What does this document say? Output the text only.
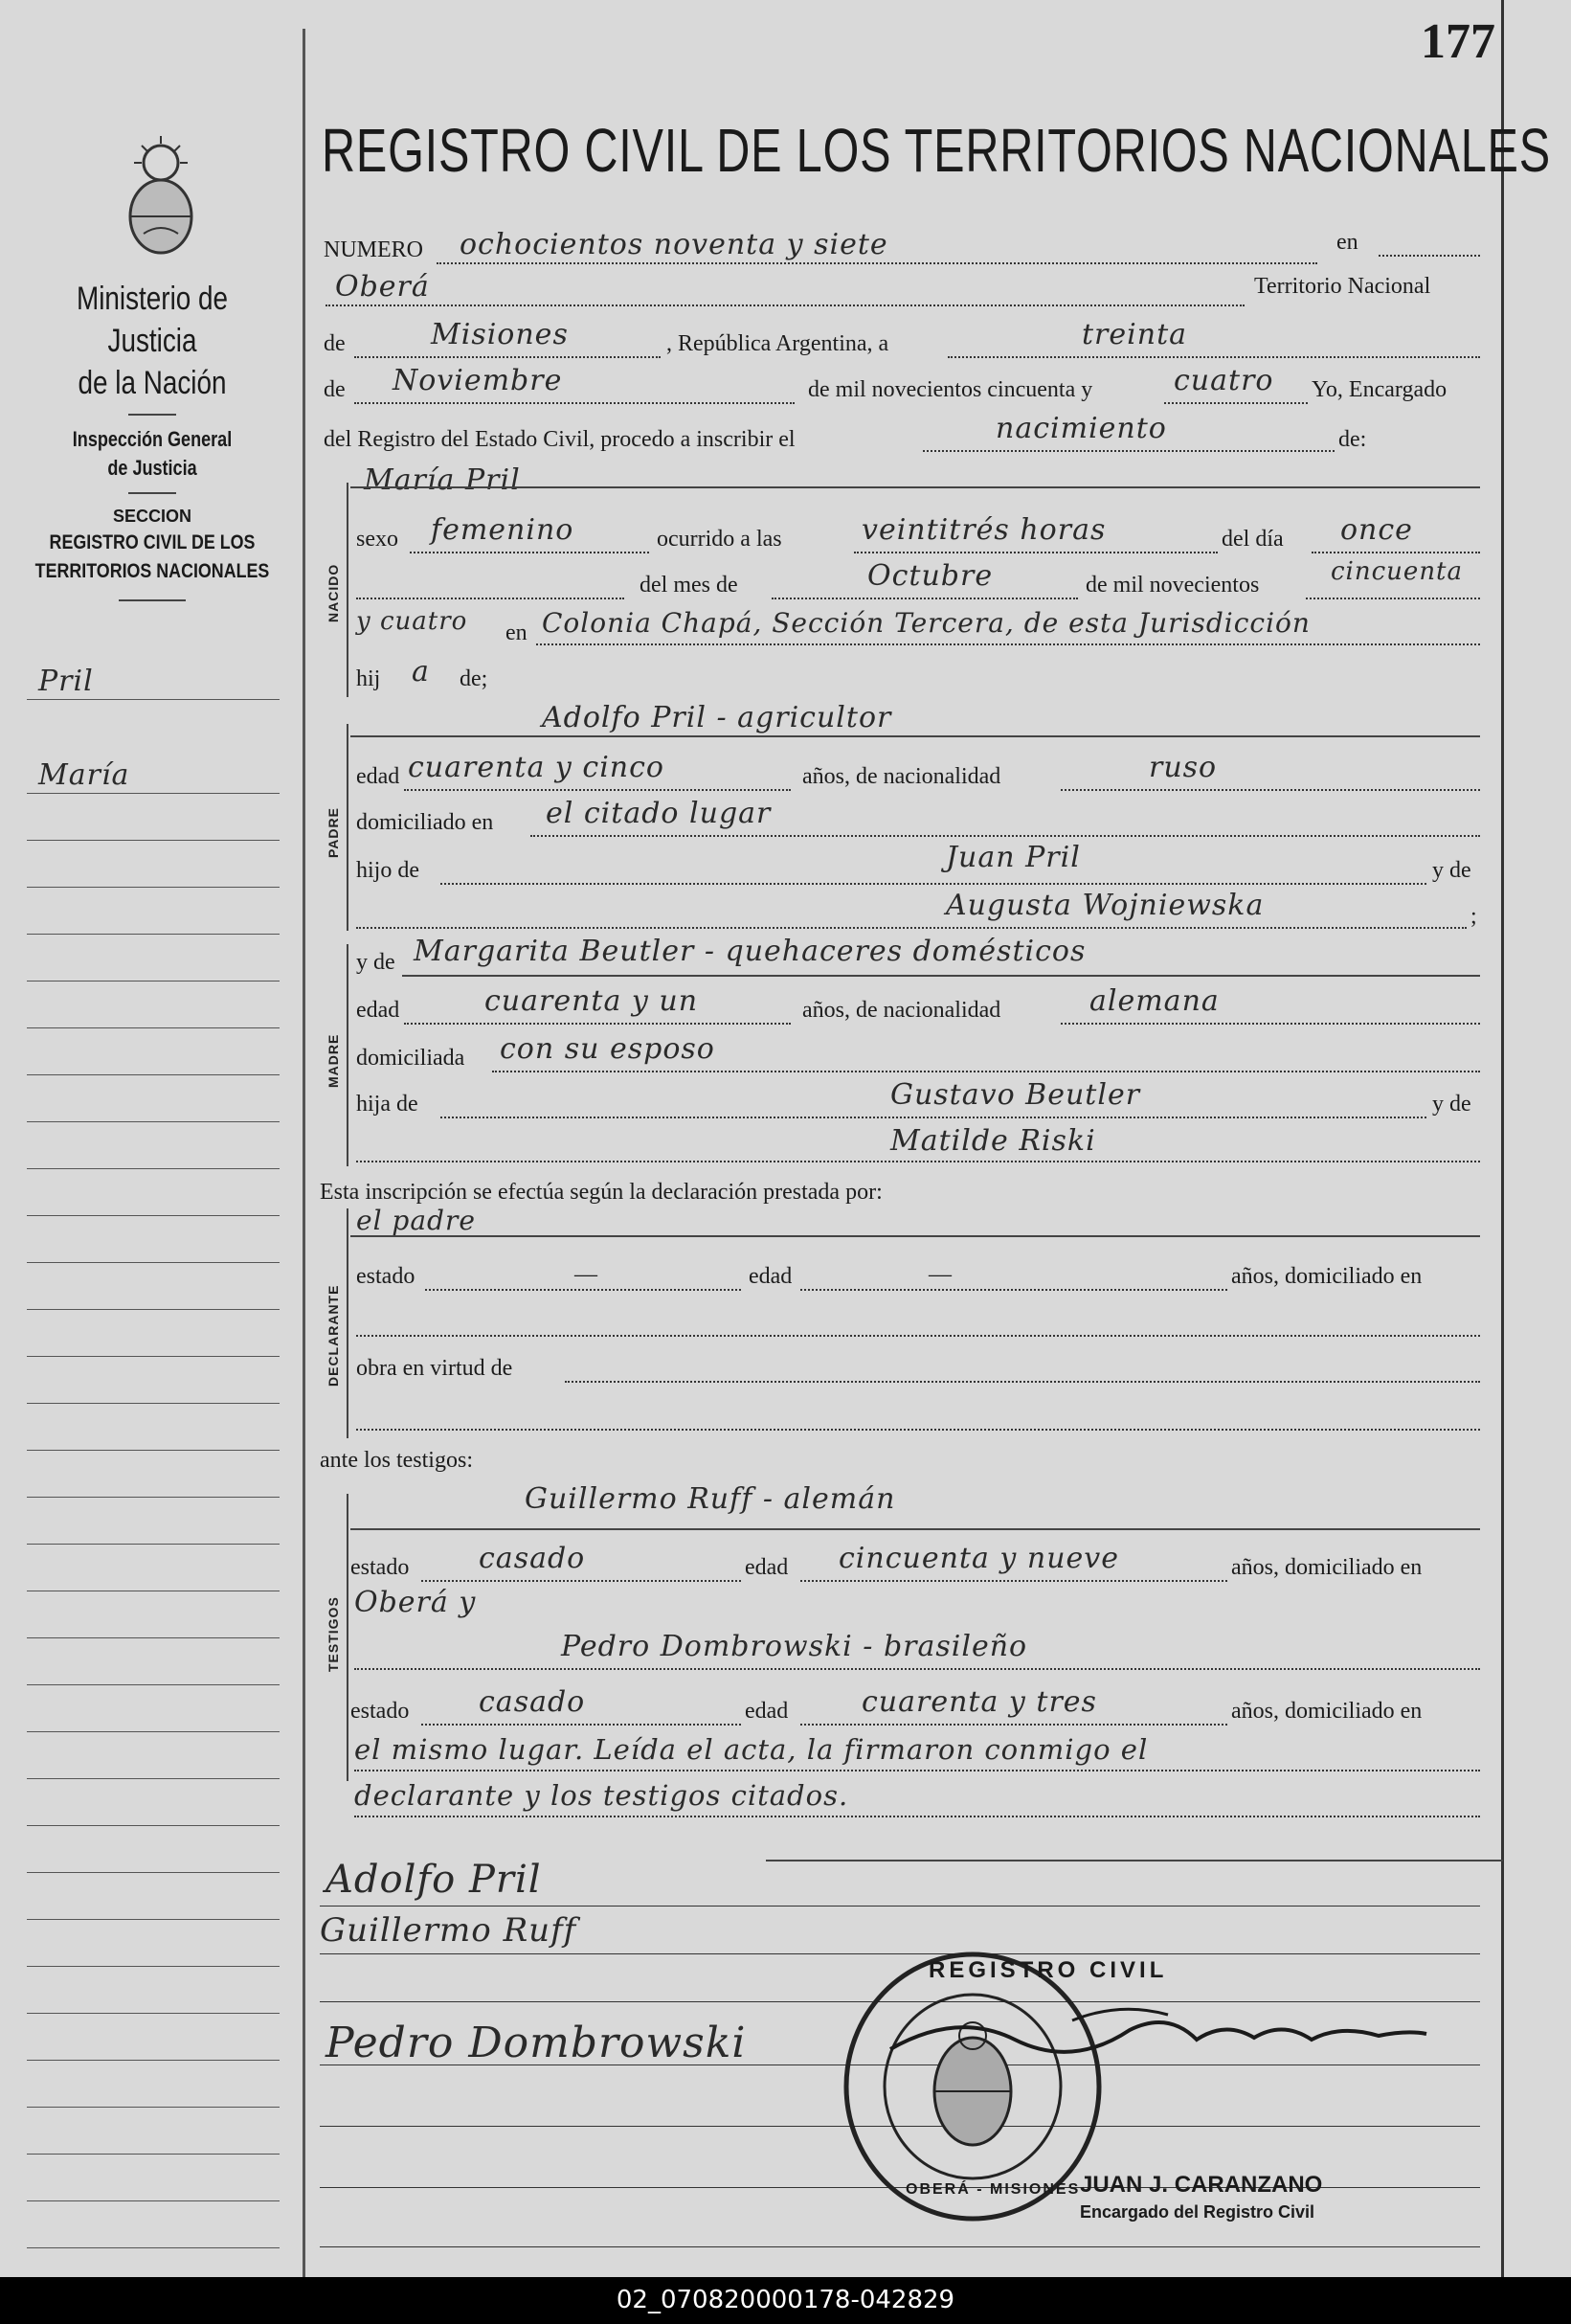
177
Ministerio de Justicia
de la Nación
Inspección General
de Justicia
SECCION
REGISTRO CIVIL DE LOS
TERRITORIOS NACIONALES
Pril
María
REGISTRO CIVIL DE LOS TERRITORIOS NACIONALES
NUMERO ochocientos noventa y siete	en
Oberá	Territorio Nacional
de	Misiones	, República Argentina, a	treinta
de Noviembre	de mil novecientos cincuenta y	cuatro Yo, Encargado
del Registro del Estado Civil, procedo a inscribir el	nacimiento	de:
NACIDO
María Pril
sexo femenino	ocurrido a las	veintitrés horas	del día once
del mes de	Octubre	de mil novecientos	cincuenta
y cuatro en Colonia Chapá, Sección Tercera, de esta Jurisdicción
hij a de;
PADRE
Adolfo Pril - agricultor
edad cuarenta y cinco	años, de nacionalidad	ruso
domiciliado en el citado lugar
hijo de	Juan Pril	y de
Augusta Wojniewska	;
MADRE
y de Margarita Beutler - quehaceres domésticos
edad	cuarenta y un	años, de nacionalidad	alemana
domiciliada con su esposo
hija de	Gustavo Beutler	y de
Matilde Riski
Esta inscripción se efectúa según la declaración prestada por:
DECLARANTE
el padre
estado	—	edad	—	años, domiciliado en
obra en virtud de
ante los testigos:
TESTIGOS
Guillermo Ruff - alemán
estado casado	edad cincuenta y nueve	años, domiciliado en
Oberá y
Pedro Dombrowski - brasileño
estado casado	edad	cuarenta y tres	años, domiciliado en
el mismo lugar. Leída el acta, la firmaron conmigo el
declarante y los testigos citados.
Adolfo Pril
Guillermo Ruff
Pedro Dombrowski
REGISTRO CIVIL
OBERÁ - MISIONES JUAN J. CARANZANO
Encargado del Registro Civil
02_070820000178-042829
